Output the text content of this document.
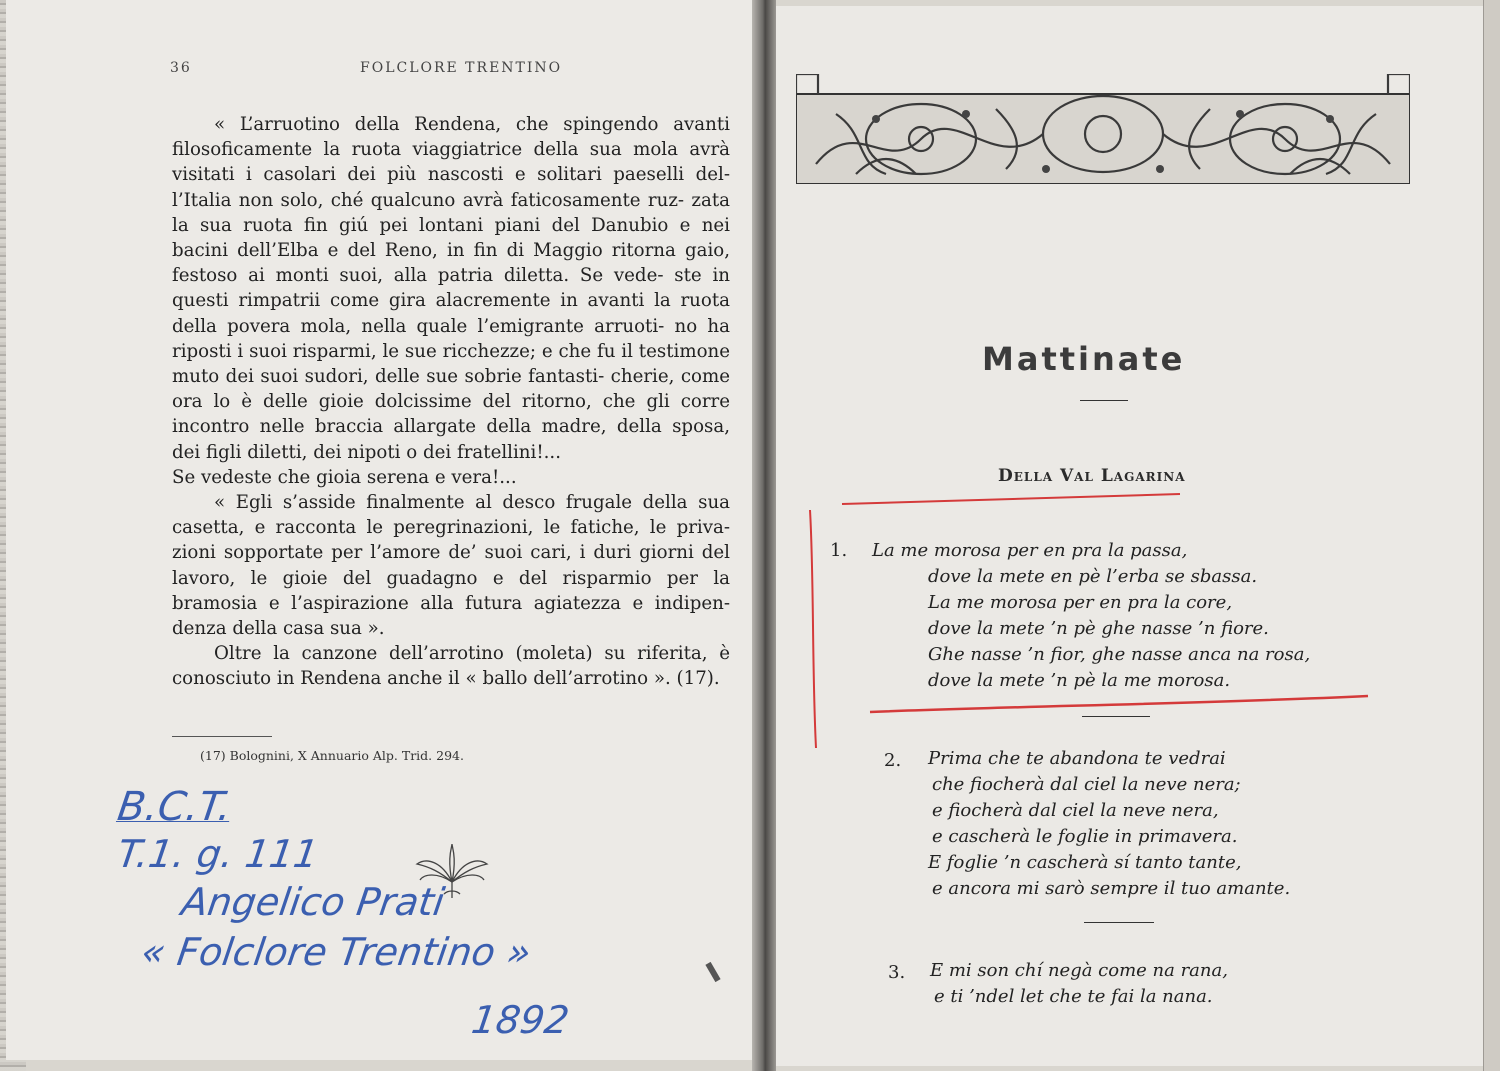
36	FOLCLORE TRENTINO

« L’arruotino della Rendena, che spingendo avanti filosoficamente la ruota viaggiatrice della sua mola avrà visitati i casolari dei più nascosti e solitari paeselli del- l’Italia non solo, ché qualcuno avrà faticosamente ruz- zata la sua ruota fin giú pei lontani piani del Danubio e nei bacini dell’Elba e del Reno, in fin di Maggio ritorna gaio, festoso ai monti suoi, alla patria diletta. Se vede- ste in questi rimpatrii come gira alacremente in avanti la ruota della povera mola, nella quale l’emigrante arruoti- no ha riposti i suoi risparmi, le sue ricchezze; e che fu il testimone muto dei suoi sudori, delle sue sobrie fantasti- cherie, come ora lo è delle gioie dolcissime del ritorno, che gli corre incontro nelle braccia allargate della madre, della sposa, dei figli diletti, dei nipoti o dei fratellini!...

Se vedeste che gioia serena e vera!...

« Egli s’asside finalmente al desco frugale della sua casetta, e racconta le peregrinazioni, le fatiche, le priva- zioni sopportate per l’amore de’ suoi cari, i duri giorni del lavoro, le gioie del guadagno e del risparmio per la bramosia e l’aspirazione alla futura agiatezza e indipen- denza della casa sua ».

Oltre la canzone dell’arrotino (moleta) su riferita, è conosciuto in Rendena anche il « ballo dell’arrotino ». (17).

(17) Bolognini, X Annuario Alp. Trid. 294.
B.C.T.
T.1. g. 111
Angelico Prati
« Folclore Trentino »
1892
Mattinate
Della Val Lagarina
1. La me morosa per en pra la passa,
dove la mete en pè l’erba se sbassa.
La me morosa per en pra la core,
dove la mete ’n pè ghe nasse ’n fiore.
Ghe nasse ’n fior, ghe nasse anca na rosa,
dove la mete ’n pè la me morosa.
2. Prima che te abandona te vedrai
che fiocherà dal ciel la neve nera;
e fiocherà dal ciel la neve nera,
e cascherà le foglie in primavera.
E foglie ’n cascherà sí tanto tante,
e ancora mi sarò sempre il tuo amante.
3. E mi son chí negà come na rana,
e ti ’ndel let che te fai la nana.
